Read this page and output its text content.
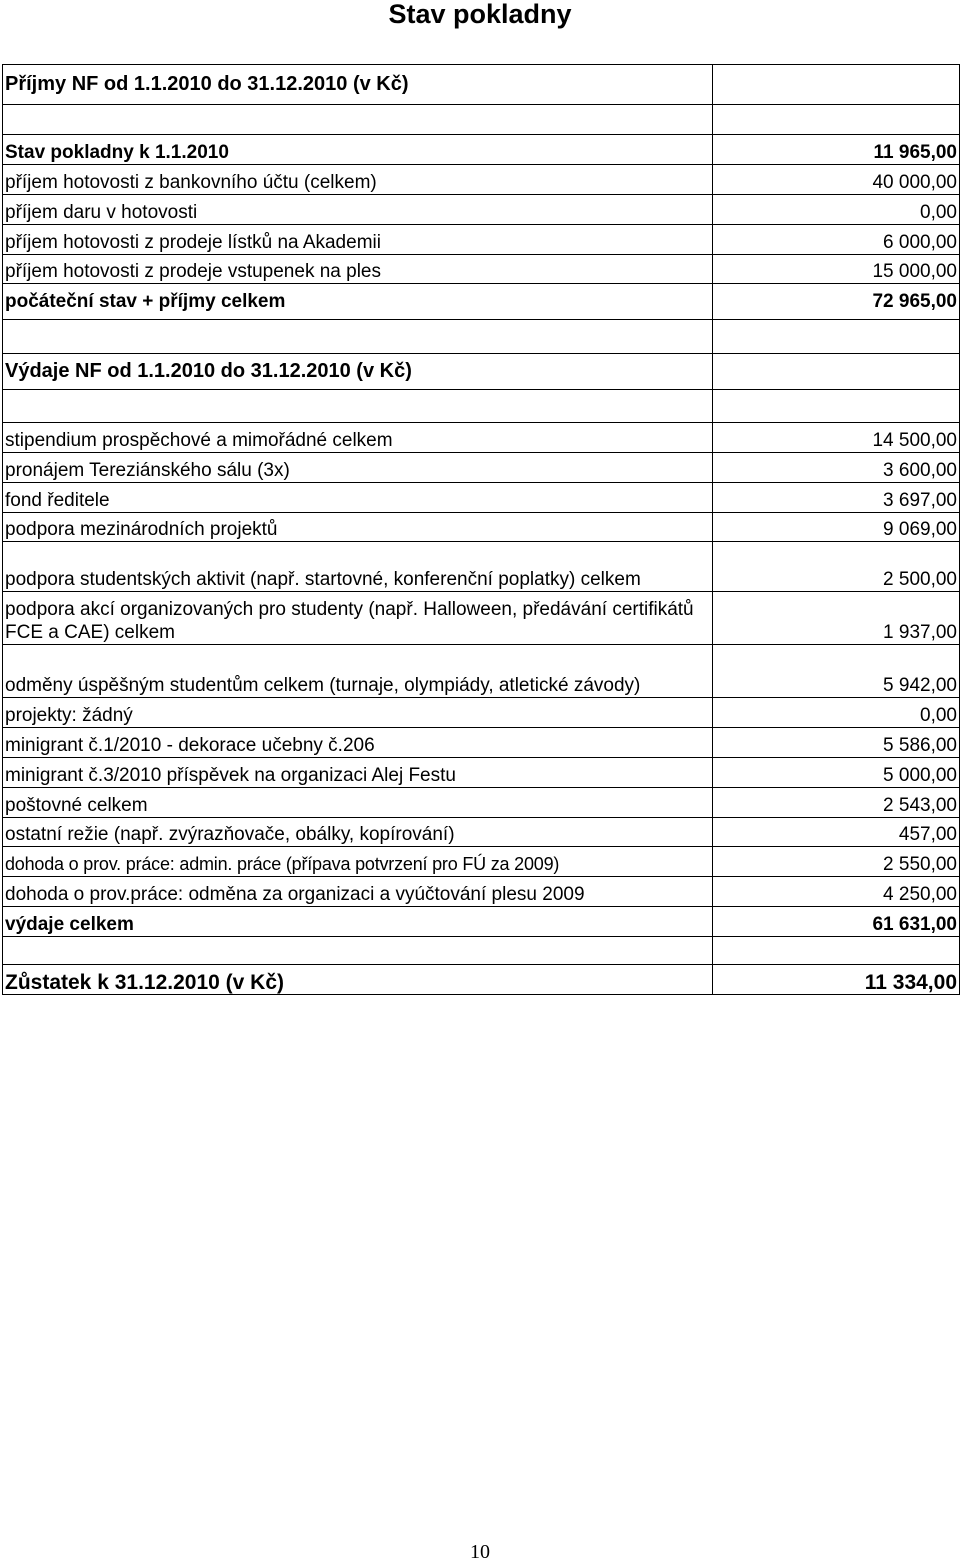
Stav pokladny
Příjmy NF od 1.1.2010 do 31.12.2010 (v Kč)	

Stav pokladny k 1.1.2010	11 965,00
příjem hotovosti z bankovního účtu (celkem)	40 000,00
příjem daru v hotovosti	0,00
příjem hotovosti z prodeje lístků na Akademii	6 000,00
příjem hotovosti z prodeje vstupenek na ples	15 000,00
počáteční stav + příjmy celkem	72 965,00

Výdaje NF od 1.1.2010 do 31.12.2010 (v Kč)	

stipendium prospěchové a mimořádné celkem	14 500,00
pronájem Tereziánského sálu (3x)	3 600,00
fond ředitele	3 697,00
podpora mezinárodních projektů	9 069,00
podpora studentských aktivit (např. startovné, konferenční poplatky) celkem	2 500,00
podpora akcí organizovaných pro studenty (např. Halloween, předávání certifikátů FCE a CAE) celkem	1 937,00
odměny úspěšným studentům celkem (turnaje, olympiády, atletické závody)	5 942,00
projekty: žádný	0,00
minigrant č.1/2010 - dekorace učebny č.206	5 586,00
minigrant č.3/2010 příspěvek na organizaci Alej Festu	5 000,00
poštovné celkem	2 543,00
ostatní režie (např. zvýrazňovače, obálky, kopírování)	457,00
dohoda o prov. práce: admin. práce (přípava potvrzení pro FÚ za 2009)	2 550,00
dohoda o prov.práce: odměna za organizaci a vyúčtování plesu 2009	4 250,00
výdaje celkem	61 631,00

Zůstatek k 31.12.2010 (v Kč)	11 334,00
10
